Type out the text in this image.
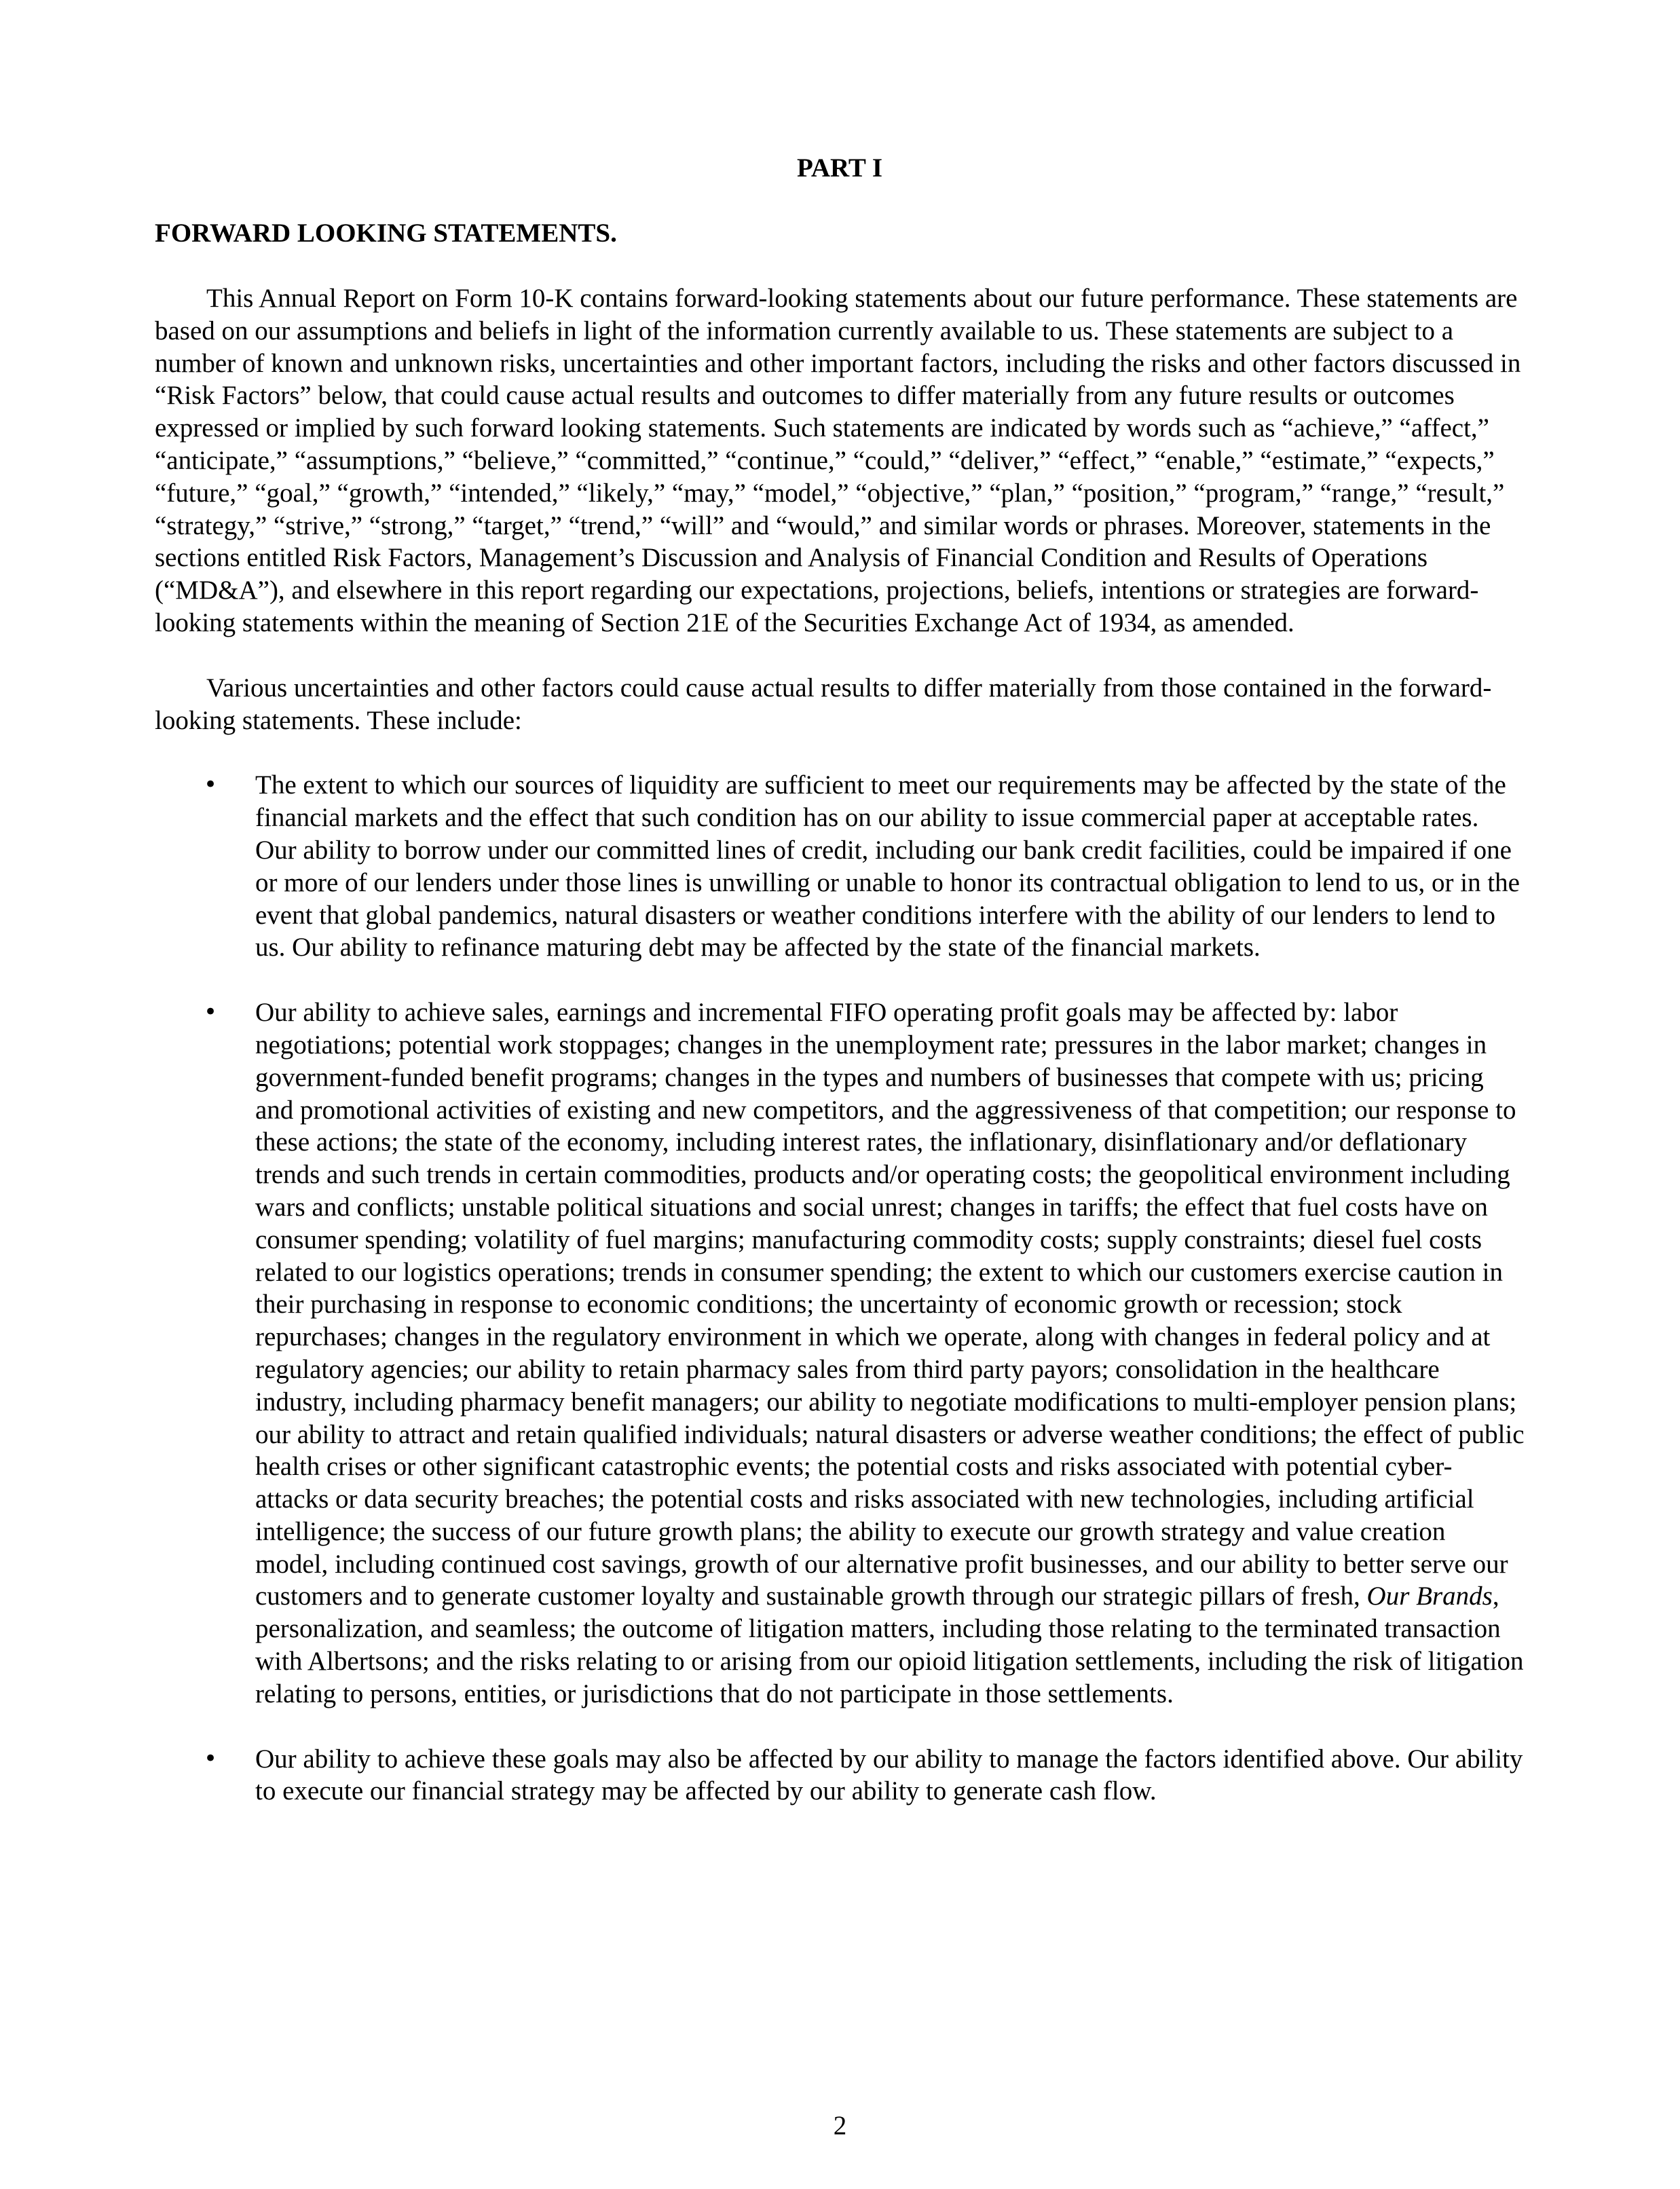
PART I
FORWARD LOOKING STATEMENTS.

This Annual Report on Form 10-K contains forward-looking statements about our future performance. These statements are based on our assumptions and beliefs in light of the information currently available to us. These statements are subject to a number of known and unknown risks, uncertainties and other important factors, including the risks and other factors discussed in “Risk Factors” below, that could cause actual results and outcomes to differ materially from any future results or outcomes expressed or implied by such forward looking statements. Such statements are indicated by words such as “achieve,” “affect,” “anticipate,” “assumptions,” “believe,” “committed,” “continue,” “could,” “deliver,” “effect,” “enable,” “estimate,” “expects,” “future,” “goal,” “growth,” “intended,” “likely,” “may,” “model,” “objective,” “plan,” “position,” “program,” “range,” “result,” “strategy,” “strive,” “strong,” “target,” “trend,” “will” and “would,” and similar words or phrases. Moreover, statements in the sections entitled Risk Factors, Management’s Discussion and Analysis of Financial Condition and Results of Operations (“MD&A”), and elsewhere in this report regarding our expectations, projections, beliefs, intentions or strategies are forward-looking statements within the meaning of Section 21E of the Securities Exchange Act of 1934, as amended.

Various uncertainties and other factors could cause actual results to differ materially from those contained in the forward-looking statements. These include:

• The extent to which our sources of liquidity are sufficient to meet our requirements may be affected by the state of the financial markets and the effect that such condition has on our ability to issue commercial paper at acceptable rates. Our ability to borrow under our committed lines of credit, including our bank credit facilities, could be impaired if one or more of our lenders under those lines is unwilling or unable to honor its contractual obligation to lend to us, or in the event that global pandemics, natural disasters or weather conditions interfere with the ability of our lenders to lend to us. Our ability to refinance maturing debt may be affected by the state of the financial markets.
• Our ability to achieve sales, earnings and incremental FIFO operating profit goals may be affected by: labor negotiations; potential work stoppages; changes in the unemployment rate; pressures in the labor market; changes in government-funded benefit programs; changes in the types and numbers of businesses that compete with us; pricing and promotional activities of existing and new competitors, and the aggressiveness of that competition; our response to these actions; the state of the economy, including interest rates, the inflationary, disinflationary and/or deflationary trends and such trends in certain commodities, products and/or operating costs; the geopolitical environment including wars and conflicts; unstable political situations and social unrest; changes in tariffs; the effect that fuel costs have on consumer spending; volatility of fuel margins; manufacturing commodity costs; supply constraints; diesel fuel costs related to our logistics operations; trends in consumer spending; the extent to which our customers exercise caution in their purchasing in response to economic conditions; the uncertainty of economic growth or recession; stock repurchases; changes in the regulatory environment in which we operate, along with changes in federal policy and at regulatory agencies; our ability to retain pharmacy sales from third party payors; consolidation in the healthcare industry, including pharmacy benefit managers; our ability to negotiate modifications to multi-employer pension plans; our ability to attract and retain qualified individuals; natural disasters or adverse weather conditions; the effect of public health crises or other significant catastrophic events; the potential costs and risks associated with potential cyber-attacks or data security breaches; the potential costs and risks associated with new technologies, including artificial intelligence; the success of our future growth plans; the ability to execute our growth strategy and value creation model, including continued cost savings, growth of our alternative profit businesses, and our ability to better serve our customers and to generate customer loyalty and sustainable growth through our strategic pillars of fresh, Our Brands, personalization, and seamless; the outcome of litigation matters, including those relating to the terminated transaction with Albertsons; and the risks relating to or arising from our opioid litigation settlements, including the risk of litigation relating to persons, entities, or jurisdictions that do not participate in those settlements.
• Our ability to achieve these goals may also be affected by our ability to manage the factors identified above. Our ability to execute our financial strategy may be affected by our ability to generate cash flow.
2
